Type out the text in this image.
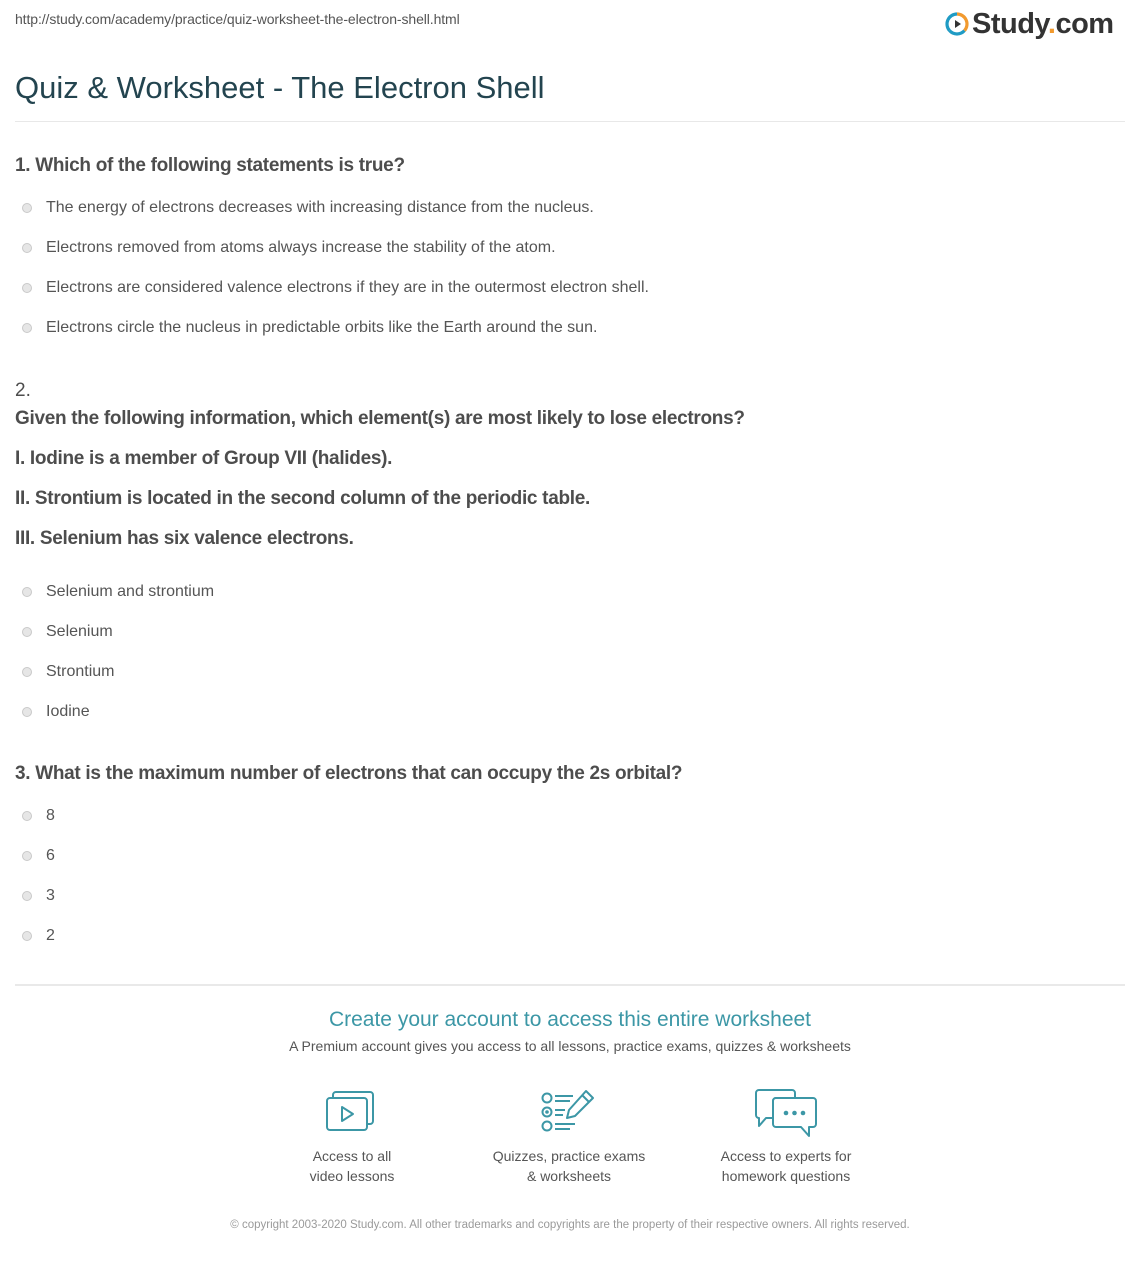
http://study.com/academy/practice/quiz-worksheet-the-electron-shell.html	Study.com
Quiz & Worksheet - The Electron Shell
1. Which of the following statements is true?
The energy of electrons decreases with increasing distance from the nucleus.
Electrons removed from atoms always increase the stability of the atom.
Electrons are considered valence electrons if they are in the outermost electron shell.
Electrons circle the nucleus in predictable orbits like the Earth around the sun.
2.
Given the following information, which element(s) are most likely to lose electrons?
I. Iodine is a member of Group VII (halides).
II. Strontium is located in the second column of the periodic table.
III. Selenium has six valence electrons.
Selenium and strontium
Selenium
Strontium
Iodine
3. What is the maximum number of electrons that can occupy the 2s orbital?
8
6
3
2
Create your account to access this entire worksheet
A Premium account gives you access to all lessons, practice exams, quizzes & worksheets
Access to all
video lessons
Quizzes, practice exams
& worksheets
Access to experts for
homework questions
© copyright 2003-2020 Study.com. All other trademarks and copyrights are the property of their respective owners. All rights reserved.
